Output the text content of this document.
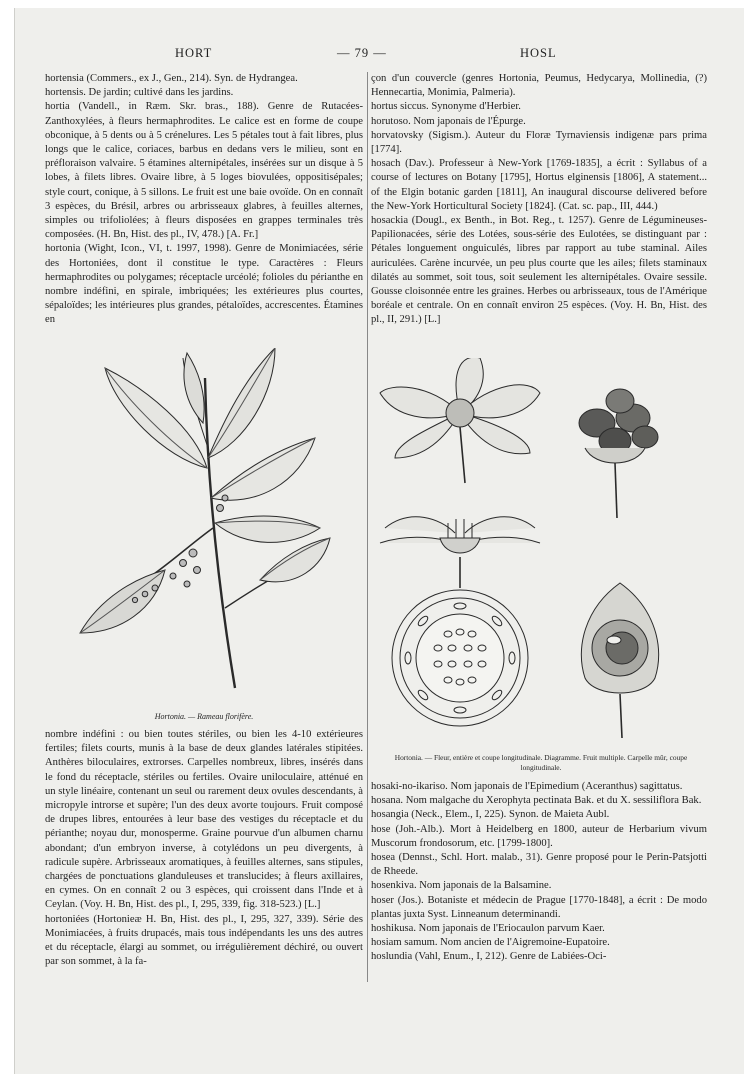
HORT	— 79 —	HOSL

hortensia (Commers., ex J., Gen., 214). Syn. de Hydrangea.

hortensis. De jardin; cultivé dans les jardins.

hortia (Vandell., in Ræm. Skr. bras., 188). Genre de Rutacées-Zanthoxylées, à fleurs hermaphrodites. Le calice est en forme de coupe obconique, à 5 dents ou à 5 crénelures. Les 5 pétales tout à fait libres, plus longs que le calice, coriaces, barbus en dedans vers le milieu, sont en préfloraison valvaire. 5 étamines alternipétales, insérées sur un disque à 5 lobes, à filets libres. Ovaire libre, à 5 loges biovulées, oppositisépales; style court, conique, à 5 sillons. Le fruit est une baie ovoïde. On en connaît 3 espèces, du Brésil, arbres ou arbrisseaux glabres, à feuilles alternes, simples ou trifoliolées; à fleurs disposées en grappes terminales très composées. (H. Bn, Hist. des pl., IV, 478.) [A. Fr.]

hortonia (Wight, Icon., VI, t. 1997, 1998). Genre de Monimiacées, série des Hortoniées, dont il constitue le type. Caractères : Fleurs hermaphrodites ou polygames; réceptacle urcéolé; folioles du périanthe en nombre indéfini, en spirale, imbriquées; les extérieures plus courtes, sépaloïdes; les intérieures plus grandes, pétaloïdes, accrescentes. Étamines en

Hortonia. — Rameau florifère.

nombre indéfini : ou bien toutes stériles, ou bien les 4-10 extérieures fertiles; filets courts, munis à la base de deux glandes latérales stipitées. Anthères biloculaires, extrorses. Carpelles nombreux, libres, insérés dans le fond du réceptacle, stériles ou fertiles. Ovaire uniloculaire, atténué en un style linéaire, contenant un seul ou rarement deux ovules descendants, à micropyle introrse et supère; l'un des deux avorte toujours. Fruit composé de drupes libres, entourées à leur base des vestiges du réceptacle et du périanthe; noyau dur, monosperme. Graine pourvue d'un albumen charnu abondant; d'un embryon inverse, à cotylédons un peu divergents, à radicule supère. Arbrisseaux aromatiques, à feuilles alternes, sans stipules, chargées de ponctuations glanduleuses et translucides; à fleurs axillaires, en cymes. On en connaît 2 ou 3 espèces, qui croissent dans l'Inde et à Ceylan. (Voy. H. Bn, Hist. des pl., I, 295, 339, fig. 318-523.) [L.]

hortoniées (Hortonieæ H. Bn, Hist. des pl., I, 295, 327, 339). Série des Monimiacées, à fruits drupacés, mais tous indépendants les uns des autres et du réceptacle, élargi au sommet, ou irrégulièrement déchiré, ou ouvert par son sommet, à la fa-

çon d'un couvercle (genres Hortonia, Peumus, Hedycarya, Mollinedia, (?) Hennecartia, Monimia, Palmeria).

hortus siccus. Synonyme d'Herbier.

horutoso. Nom japonais de l'Épurge.

horvatovsky (Sigism.). Auteur du Floræ Tyrnaviensis indigenæ pars prima [1774].

hosach (Dav.). Professeur à New-York [1769-1835], a écrit : Syllabus of a course of lectures on Botany [1795], Hortus elginensis [1806], A statement... of the Elgin botanic garden [1811], An inaugural discourse delivered before the New-York Horticultural Society [1824]. (Cat. sc. pap., III, 444.)

hosackia (Dougl., ex Benth., in Bot. Reg., t. 1257). Genre de Légumineuses-Papilionacées, série des Lotées, sous-série des Eulotées, se distinguant par : Pétales longuement onguiculés, libres par rapport au tube staminal. Ailes auriculées. Carène incurvée, un peu plus courte que les ailes; filets staminaux dilatés au sommet, soit tous, soit seulement les alternipétales. Ovaire sessile. Gousse cloisonnée entre les graines. Herbes ou arbrisseaux, tous de l'Amérique boréale et centrale. On en connaît environ 25 espèces. (Voy. H. Bn, Hist. des pl., II, 291.) [L.]

Hortonia. — Fleur, entière et coupe longitudinale. Diagramme. Fruit multiple. Carpelle mûr, coupe longitudinale.

hosaki-no-ikariso. Nom japonais de l'Epimedium (Aceranthus) sagittatus.

hosana. Nom malgache du Xerophyta pectinata Bak. et du X. sessiliflora Bak.

hosangia (Neck., Elem., I, 225). Synon. de Maieta Aubl.

hose (Joh.-Alb.). Mort à Heidelberg en 1800, auteur de Herbarium vivum Muscorum frondosorum, etc. [1799-1800].

hosea (Dennst., Schl. Hort. malab., 31). Genre proposé pour le Perin-Patsjotti de Rheede.

hosenkiva. Nom japonais de la Balsamine.

hoser (Jos.). Botaniste et médecin de Prague [1770-1848], a écrit : De modo plantas juxta Syst. Linneanum determinandi.

hoshikusa. Nom japonais de l'Eriocaulon parvum Kaer.

hosiam samum. Nom ancien de l'Aigremoine-Eupatoire.

hoslundia (Vahl, Enum., I, 212). Genre de Labiées-Oci-
